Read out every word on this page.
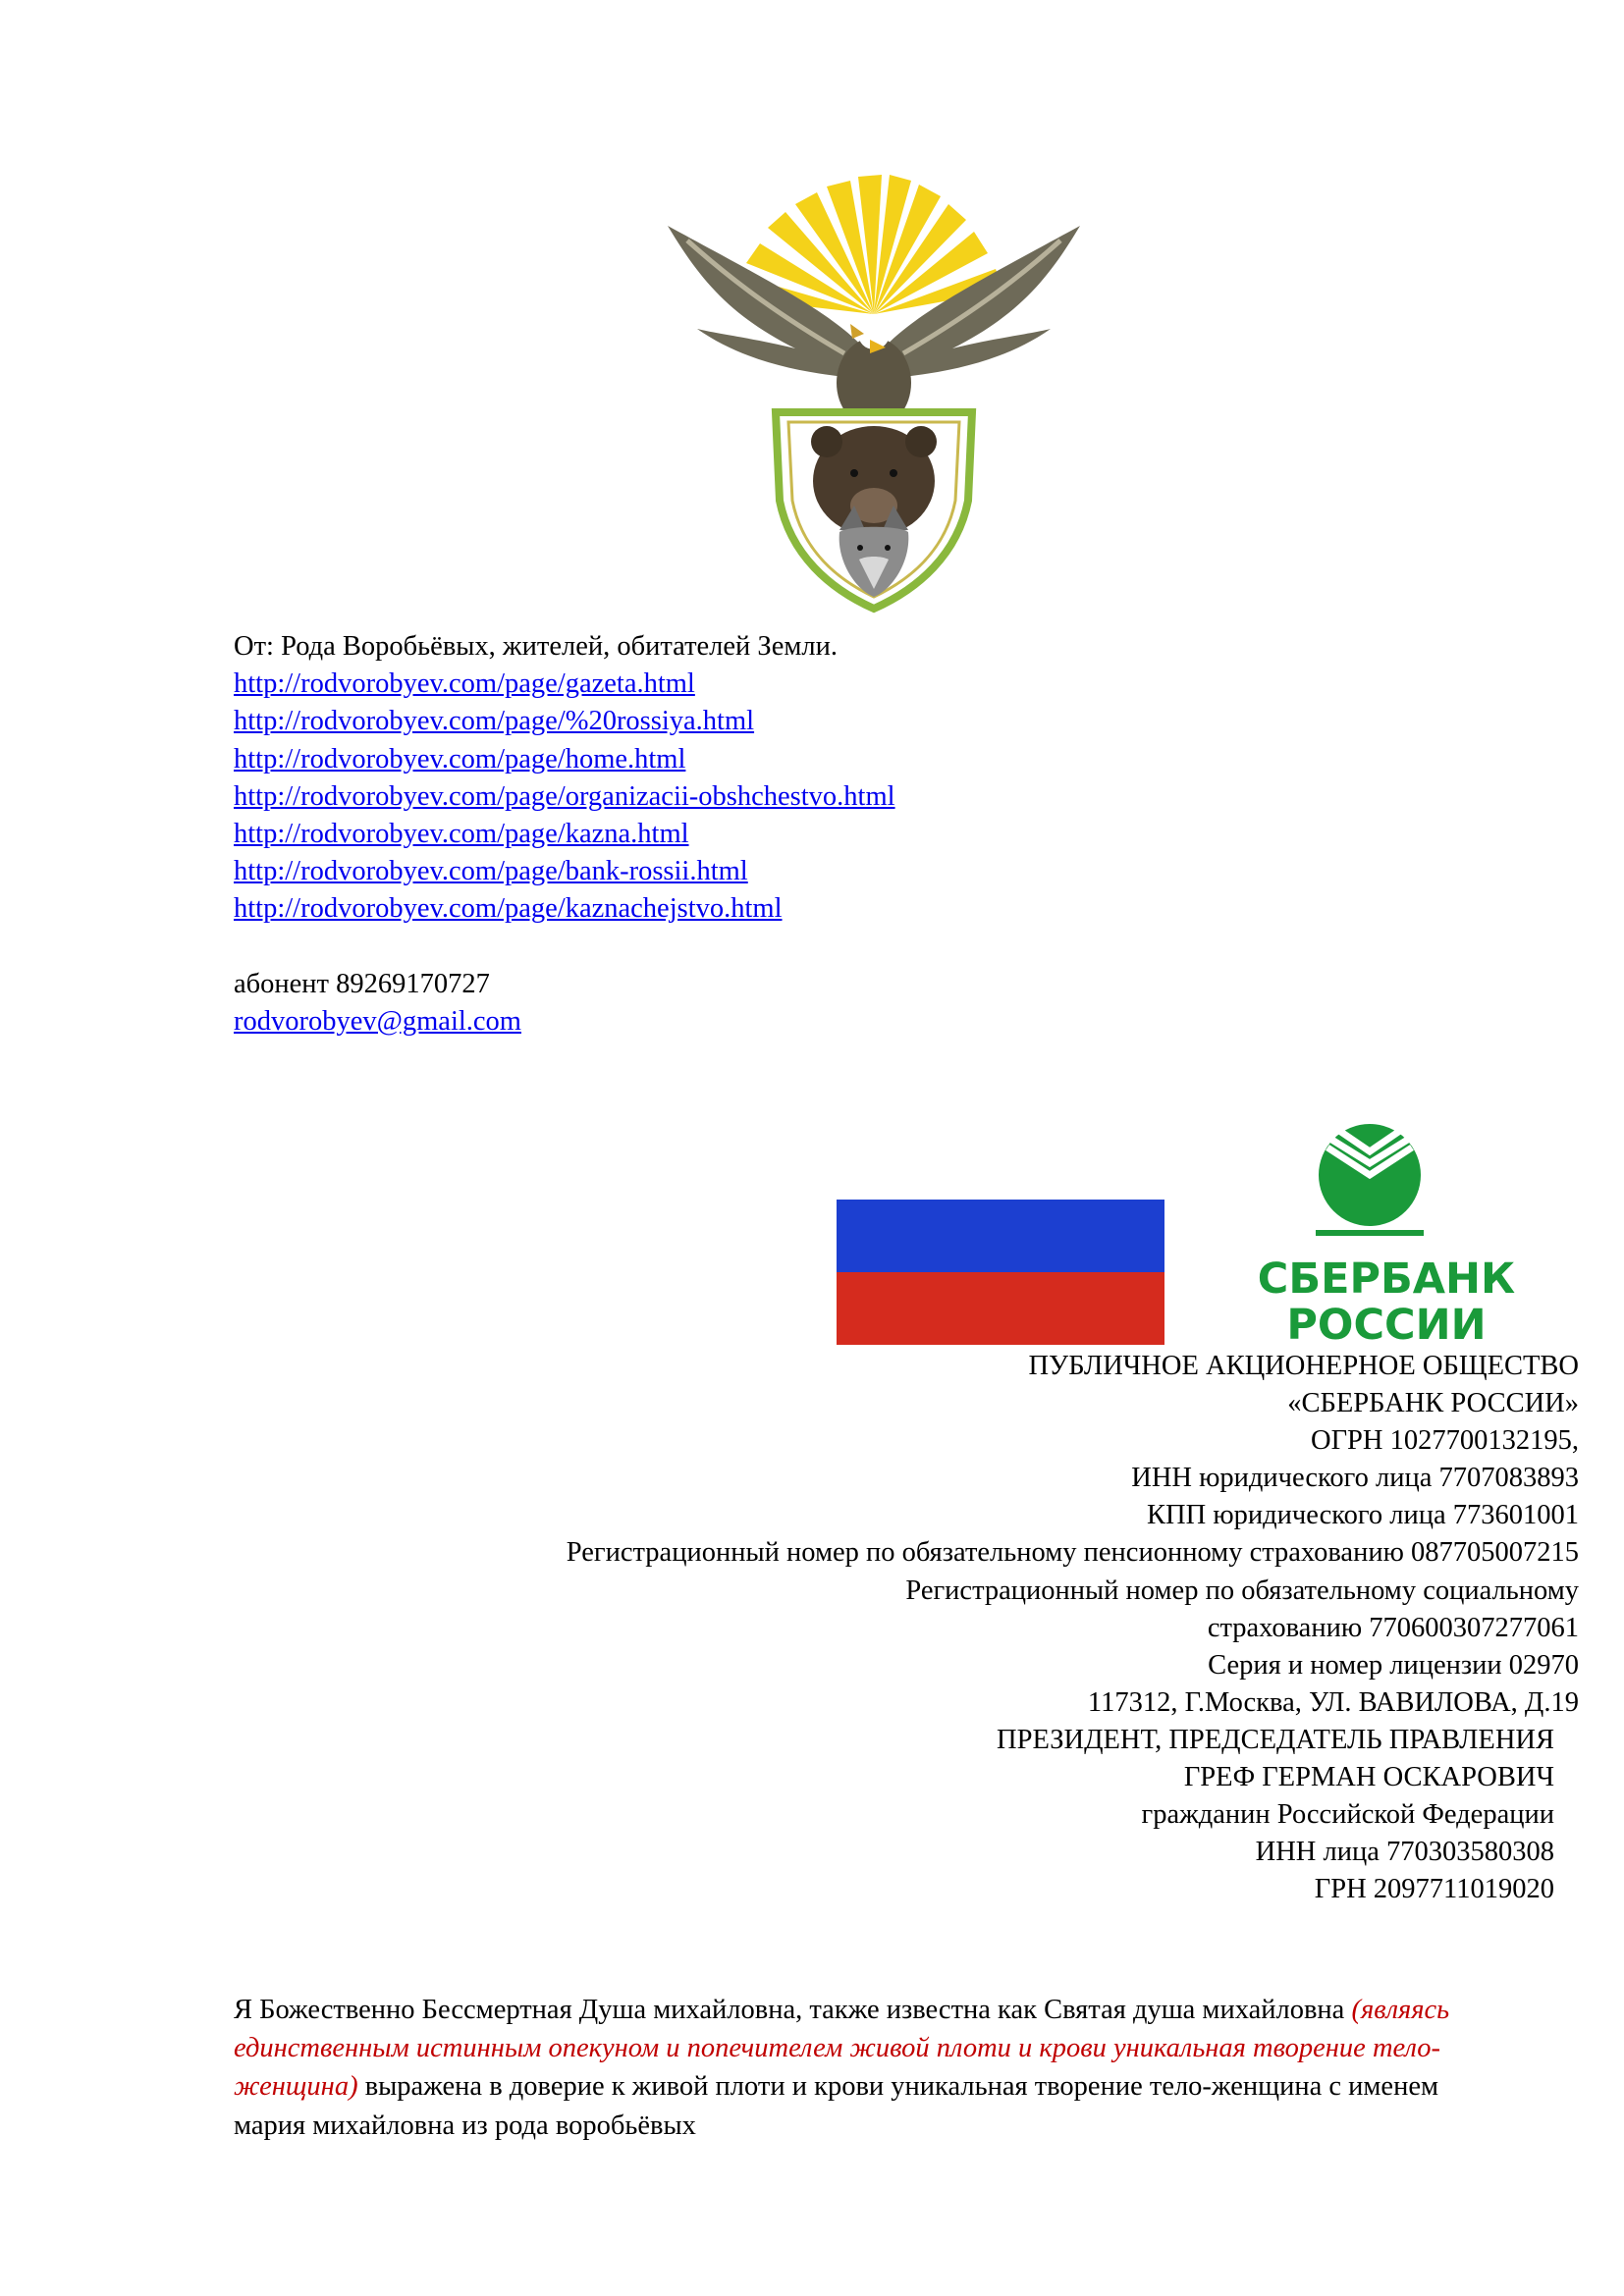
От: Рода Воробьёвых, жителей, обитателей Земли.
http://rodvorobyev.com/page/gazeta.html
http://rodvorobyev.com/page/%20rossiya.html
http://rodvorobyev.com/page/home.html
http://rodvorobyev.com/page/organizacii-obshchestvo.html
http://rodvorobyev.com/page/kazna.html
http://rodvorobyev.com/page/bank-rossii.html
http://rodvorobyev.com/page/kaznachejstvo.html
абонент 89269170727
rodvorobyev@gmail.com
СБЕРБАНК
РОССИИ
ПУБЛИЧНОЕ АКЦИОНЕРНОЕ ОБЩЕСТВО
«СБЕРБАНК РОССИИ»
ОГРН 1027700132195,
ИНН юридического лица 7707083893
КПП юридического лица 773601001
Регистрационный номер по обязательному пенсионному страхованию 087705007215
Регистрационный номер по обязательному социальному
страхованию 770600307277061
Серия и номер лицензии 02970
117312, Г.Москва, УЛ. ВАВИЛОВА, Д.19
ПРЕЗИДЕНТ, ПРЕДСЕДАТЕЛЬ ПРАВЛЕНИЯ
ГРЕФ ГЕРМАН ОСКАРОВИЧ
гражданин Российской Федерации
ИНН лица 770303580308
ГРН 2097711019020
Я Божественно Бессмертная Душа михайловна, также известна как Святая душа михайловна (являясь единственным истинным опекуном и попечителем живой плоти и крови уникальная творение тело-женщина) выражена в доверие к живой плоти и крови уникальная творение тело-женщина с именем мария михайловна из рода воробьёвых
